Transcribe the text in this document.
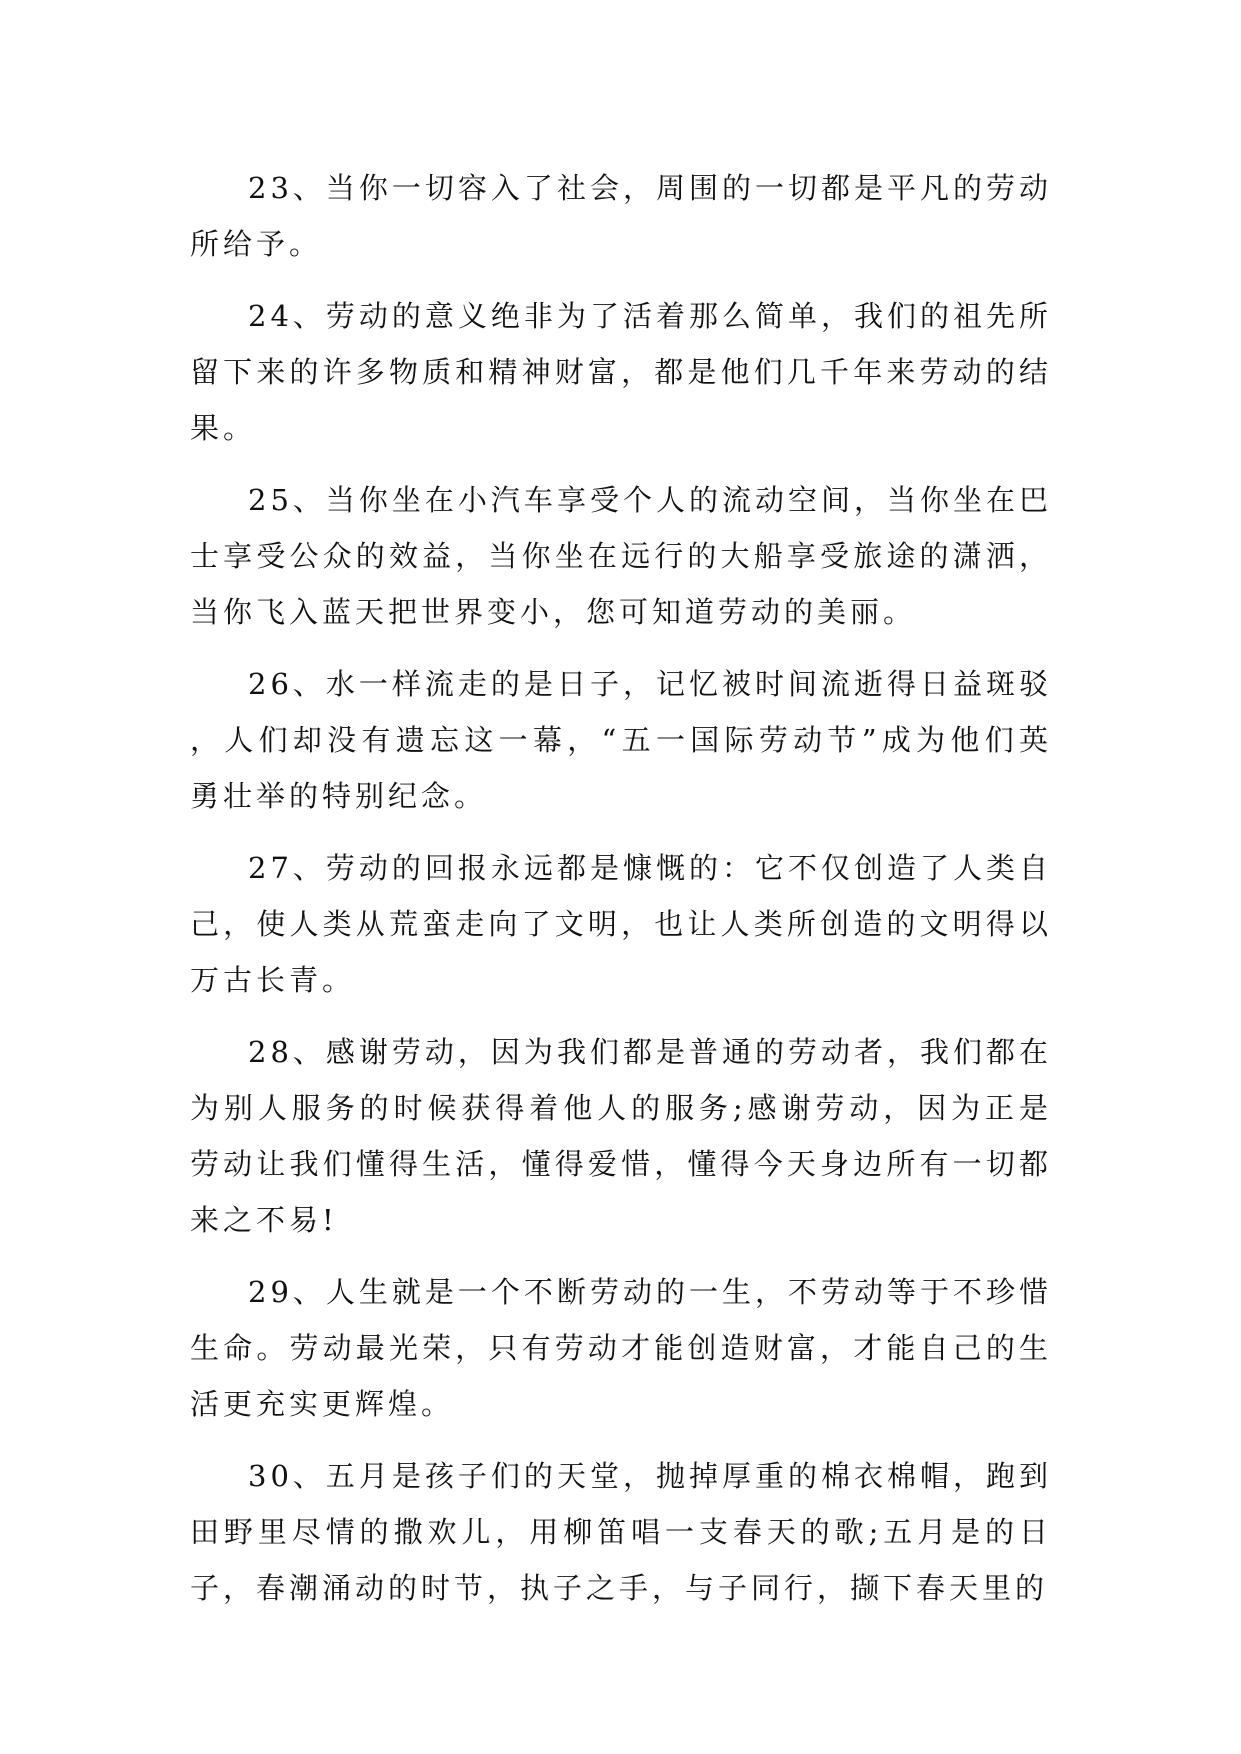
23、当你一切容入了社会，周围的一切都是平凡的劳动所给予。

24、劳动的意义绝非为了活着那么简单，我们的祖先所留下来的许多物质和精神财富，都是他们几千年来劳动的结果。

25、当你坐在小汽车享受个人的流动空间，当你坐在巴士享受公众的效益，当你坐在远行的大船享受旅途的潇洒，当你飞入蓝天把世界变小，您可知道劳动的美丽。

26、水一样流走的是日子，记忆被时间流逝得日益斑驳，人们却没有遗忘这一幕，“五一国际劳动节”成为他们英勇壮举的特别纪念。

27、劳动的回报永远都是慷慨的：它不仅创造了人类自己，使人类从荒蛮走向了文明，也让人类所创造的文明得以万古长青。

28、感谢劳动，因为我们都是普通的劳动者，我们都在为别人服务的时候获得着他人的服务;感谢劳动，因为正是劳动让我们懂得生活，懂得爱惜，懂得今天身边所有一切都来之不易!

29、人生就是一个不断劳动的一生，不劳动等于不珍惜生命。劳动最光荣，只有劳动才能创造财富，才能自己的生活更充实更辉煌。

30、五月是孩子们的天堂，抛掉厚重的棉衣棉帽，跑到田野里尽情的撒欢儿，用柳笛唱一支春天的歌;五月是的日子，春潮涌动的时节，执子之手，与子同行，撷下春天里的
